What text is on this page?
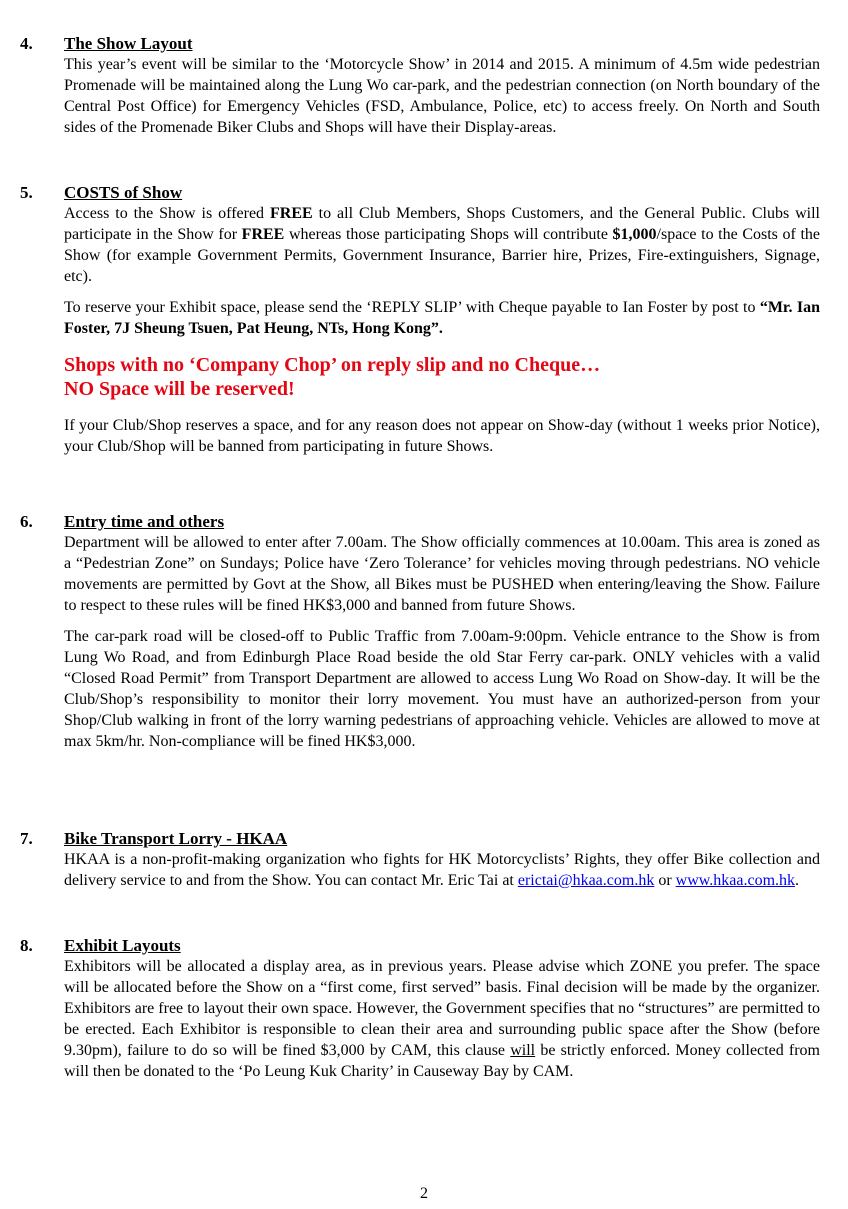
4.	The Show Layout

This year’s event will be similar to the ‘Motorcycle Show’ in 2014 and 2015. A minimum of 4.5m wide pedestrian Promenade will be maintained along the Lung Wo car-park, and the pedestrian connection (on North boundary of the Central Post Office) for Emergency Vehicles (FSD, Ambulance, Police, etc) to access freely. On North and South sides of the Promenade Biker Clubs and Shops will have their Display-areas.

5.	COSTS of Show

Access to the Show is offered FREE to all Club Members, Shops Customers, and the General Public. Clubs will participate in the Show for FREE whereas those participating Shops will contribute $1,000/space to the Costs of the Show (for example Government Permits, Government Insurance, Barrier hire, Prizes, Fire-extinguishers, Signage, etc).

To reserve your Exhibit space, please send the ‘REPLY SLIP’ with Cheque payable to Ian Foster by post to “Mr. Ian Foster, 7J Sheung Tsuen, Pat Heung, NTs, Hong Kong”.

Shops with no ‘Company Chop’ on reply slip and no Cheque…
NO Space will be reserved!

If your Club/Shop reserves a space, and for any reason does not appear on Show-day (without 1 weeks prior Notice), your Club/Shop will be banned from participating in future Shows.

6.	Entry time and others

Department will be allowed to enter after 7.00am. The Show officially commences at 10.00am. This area is zoned as a “Pedestrian Zone” on Sundays; Police have ‘Zero Tolerance’ for vehicles moving through pedestrians. NO vehicle movements are permitted by Govt at the Show, all Bikes must be PUSHED when entering/leaving the Show. Failure to respect to these rules will be fined HK$3,000 and banned from future Shows.

The car-park road will be closed-off to Public Traffic from 7.00am-9:00pm. Vehicle entrance to the Show is from Lung Wo Road, and from Edinburgh Place Road beside the old Star Ferry car-park. ONLY vehicles with a valid “Closed Road Permit” from Transport Department are allowed to access Lung Wo Road on Show-day. It will be the Club/Shop’s responsibility to monitor their lorry movement. You must have an authorized-person from your Shop/Club walking in front of the lorry warning pedestrians of approaching vehicle. Vehicles are allowed to move at max 5km/hr. Non-compliance will be fined HK$3,000.

7.	Bike Transport Lorry - HKAA

HKAA is a non-profit-making organization who fights for HK Motorcyclists’ Rights, they offer Bike collection and delivery service to and from the Show. You can contact Mr. Eric Tai at erictai@hkaa.com.hk or www.hkaa.com.hk.

8.	Exhibit Layouts

Exhibitors will be allocated a display area, as in previous years. Please advise which ZONE you prefer. The space will be allocated before the Show on a “first come, first served” basis. Final decision will be made by the organizer. Exhibitors are free to layout their own space. However, the Government specifies that no “structures” are permitted to be erected. Each Exhibitor is responsible to clean their area and surrounding public space after the Show (before 9.30pm), failure to do so will be fined $3,000 by CAM, this clause will be strictly enforced. Money collected from will then be donated to the ‘Po Leung Kuk Charity’ in Causeway Bay by CAM.

2
